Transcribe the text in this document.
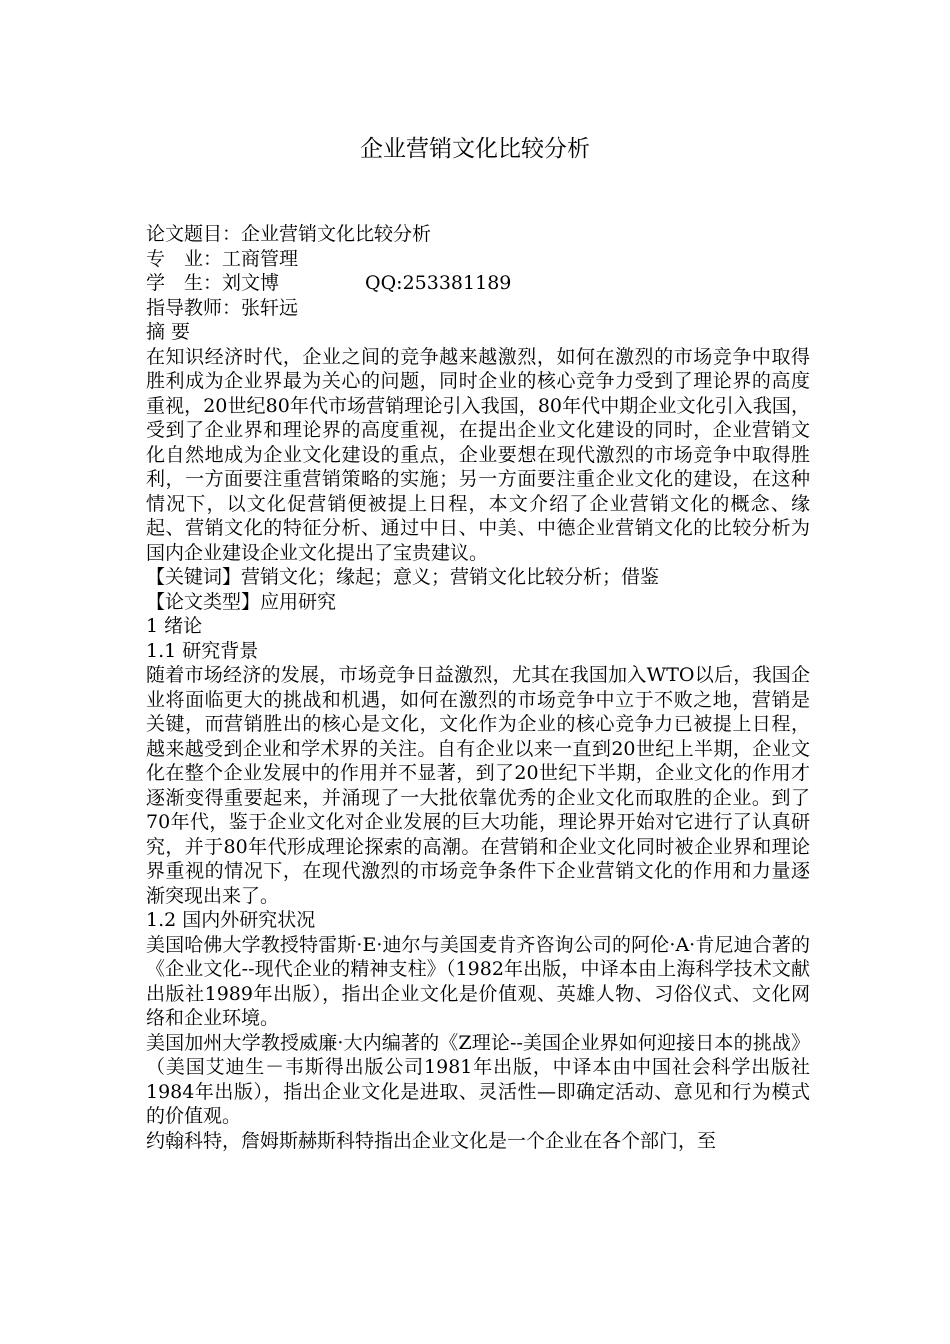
企业营销文化比较分析
论文题目：企业营销文化比较分析
专　业：工商管理
学　生：刘文博	QQ:253381189
指导教师：张轩远
摘 要
在知识经济时代，企业之间的竞争越来越激烈，如何在激烈的市场竞争中取得胜利成为企业界最为关心的问题，同时企业的核心竞争力受到了理论界的高度重视，20世纪80年代市场营销理论引入我国，80年代中期企业文化引入我国，受到了企业界和理论界的高度重视，在提出企业文化建设的同时，企业营销文化自然地成为企业文化建设的重点，企业要想在现代激烈的市场竞争中取得胜利，一方面要注重营销策略的实施；另一方面要注重企业文化的建设，在这种情况下，以文化促营销便被提上日程，本文介绍了企业营销文化的概念、缘起、营销文化的特征分析、通过中日、中美、中德企业营销文化的比较分析为国内企业建设企业文化提出了宝贵建议。
【关键词】营销文化；缘起；意义；营销文化比较分析；借鉴
【论文类型】应用研究
1 绪论
1.1 研究背景
随着市场经济的发展，市场竞争日益激烈，尤其在我国加入WTO以后，我国企业将面临更大的挑战和机遇，如何在激烈的市场竞争中立于不败之地，营销是关键，而营销胜出的核心是文化，文化作为企业的核心竞争力已被提上日程，越来越受到企业和学术界的关注。自有企业以来一直到20世纪上半期，企业文化在整个企业发展中的作用并不显著，到了20世纪下半期，企业文化的作用才逐渐变得重要起来，并涌现了一大批依靠优秀的企业文化而取胜的企业。到了70年代，鉴于企业文化对企业发展的巨大功能，理论界开始对它进行了认真研究，并于80年代形成理论探索的高潮。在营销和企业文化同时被企业界和理论界重视的情况下，在现代激烈的市场竞争条件下企业营销文化的作用和力量逐渐突现出来了。
1.2 国内外研究状况
美国哈佛大学教授特雷斯·E·迪尔与美国麦肯齐咨询公司的阿伦·A·肯尼迪合著的《企业文化--现代企业的精神支柱》（1982年出版，中译本由上海科学技术文献出版社1989年出版），指出企业文化是价值观、英雄人物、习俗仪式、文化网络和企业环境。
美国加州大学教授威廉·大内编著的《Z理论--美国企业界如何迎接日本的挑战》（美国艾迪生－韦斯得出版公司1981年出版，中译本由中国社会科学出版社1984年出版），指出企业文化是进取、灵活性—即确定活动、意见和行为模式的价值观。
约翰科特，詹姆斯赫斯科特指出企业文化是一个企业在各个部门，至
